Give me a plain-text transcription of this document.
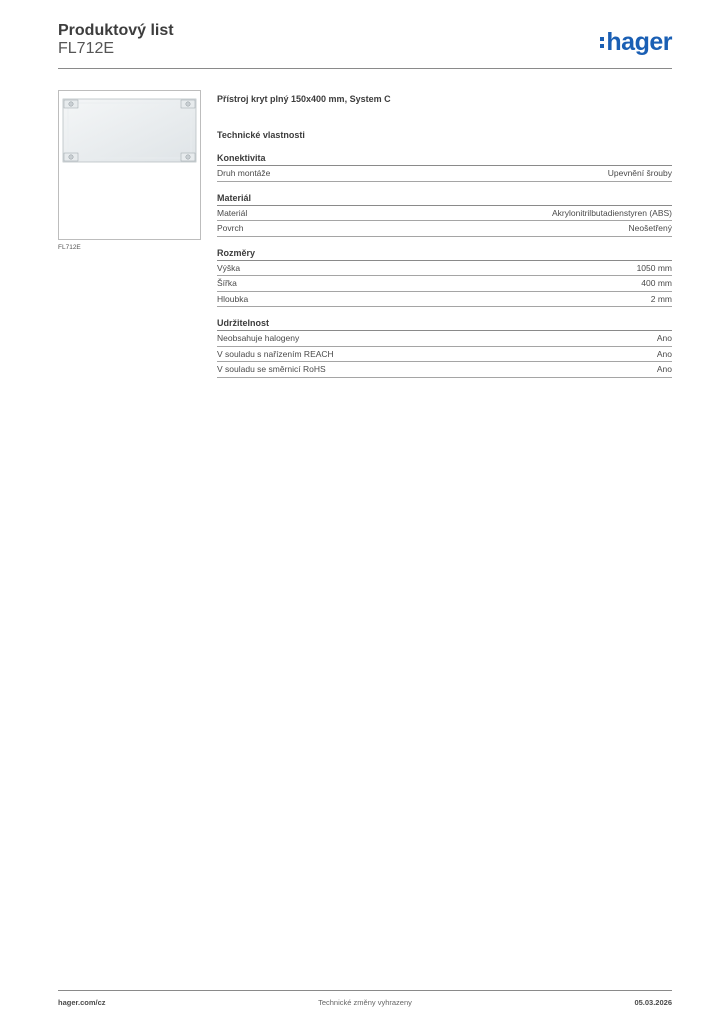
Produktový list
FL712E	hager
FL712E
Přístroj kryt plný 150x400 mm, System C
Technické vlastnosti
Konektivita
Druh montáže	Upevnění šrouby
Materiál
Materiál	Akrylonitrilbutadienstyren (ABS)
Povrch	Neošetřený
Rozměry
Výška	1050 mm
Šířka	400 mm
Hloubka	2 mm
Udržitelnost
Neobsahuje halogeny	Ano
V souladu s nařízením REACH	Ano
V souladu se směrnicí RoHS	Ano
hager.com/cz	Technické změny vyhrazeny	05.03.2026
